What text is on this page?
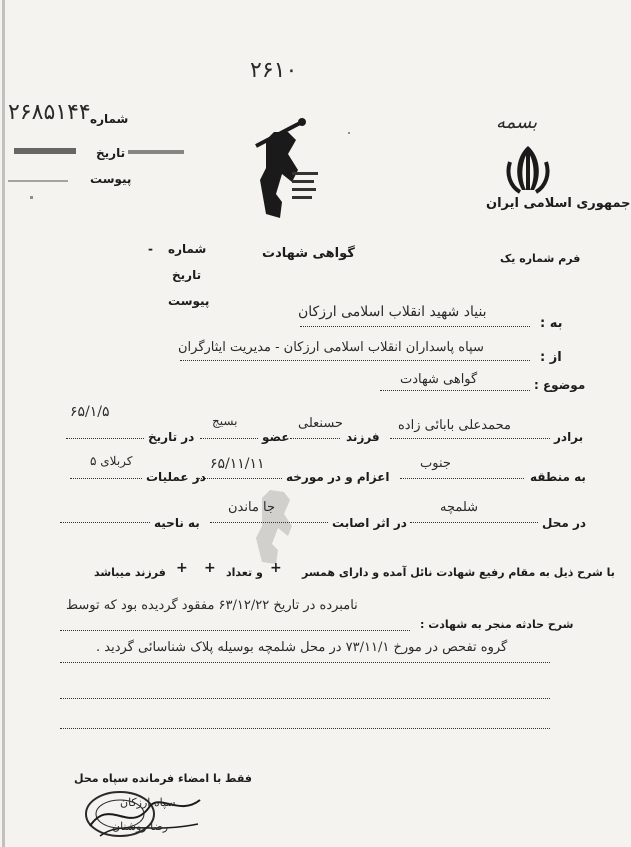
۲۶۱۰
۲۶۸۵۱۴۴ شماره
تاریخ
پیوست
بسمه
جمهوری اسلامی ایران
فرم شماره یک
گواهی شهادت
شماره
-
تاریخ
پیوست
به :
بنیاد شهید انقلاب اسلامی ارزکان
از :
سپاه پاسداران انقلاب اسلامی ارزکان - مدیریت ایثارگران
موضوع :
گواهی شهادت
برادر
محمدعلی بابائی زاده
فرزند
حسنعلی
عضو
بسیج
در تاریخ
۶۵/۱/۵
به منطقه
جنوب
اعزام و در مورخه
۶۵/۱۱/۱۱
در عملیات
کربلای ۵
در محل
شلمچه
در اثر اصابت
جا ماندن
به ناحیه
با شرح ذیل به مقام رفیع شهادت نائل آمده و دارای همسر
+
و تعداد
+
+
فرزند میباشد
نامبرده در تاریخ ۶۳/۱۲/۲۲ مفقود گردیده بود که توسط
شرح حادثه منجر به شهادت :
گروه تفحص در مورخ ۷۳/۱۱/۱ در محل شلمچه بوسیله پلاک شناسائی گردید .
فقط با امضاء فرمانده سپاه محل
سپاه ارزکان
رضا روشنان
